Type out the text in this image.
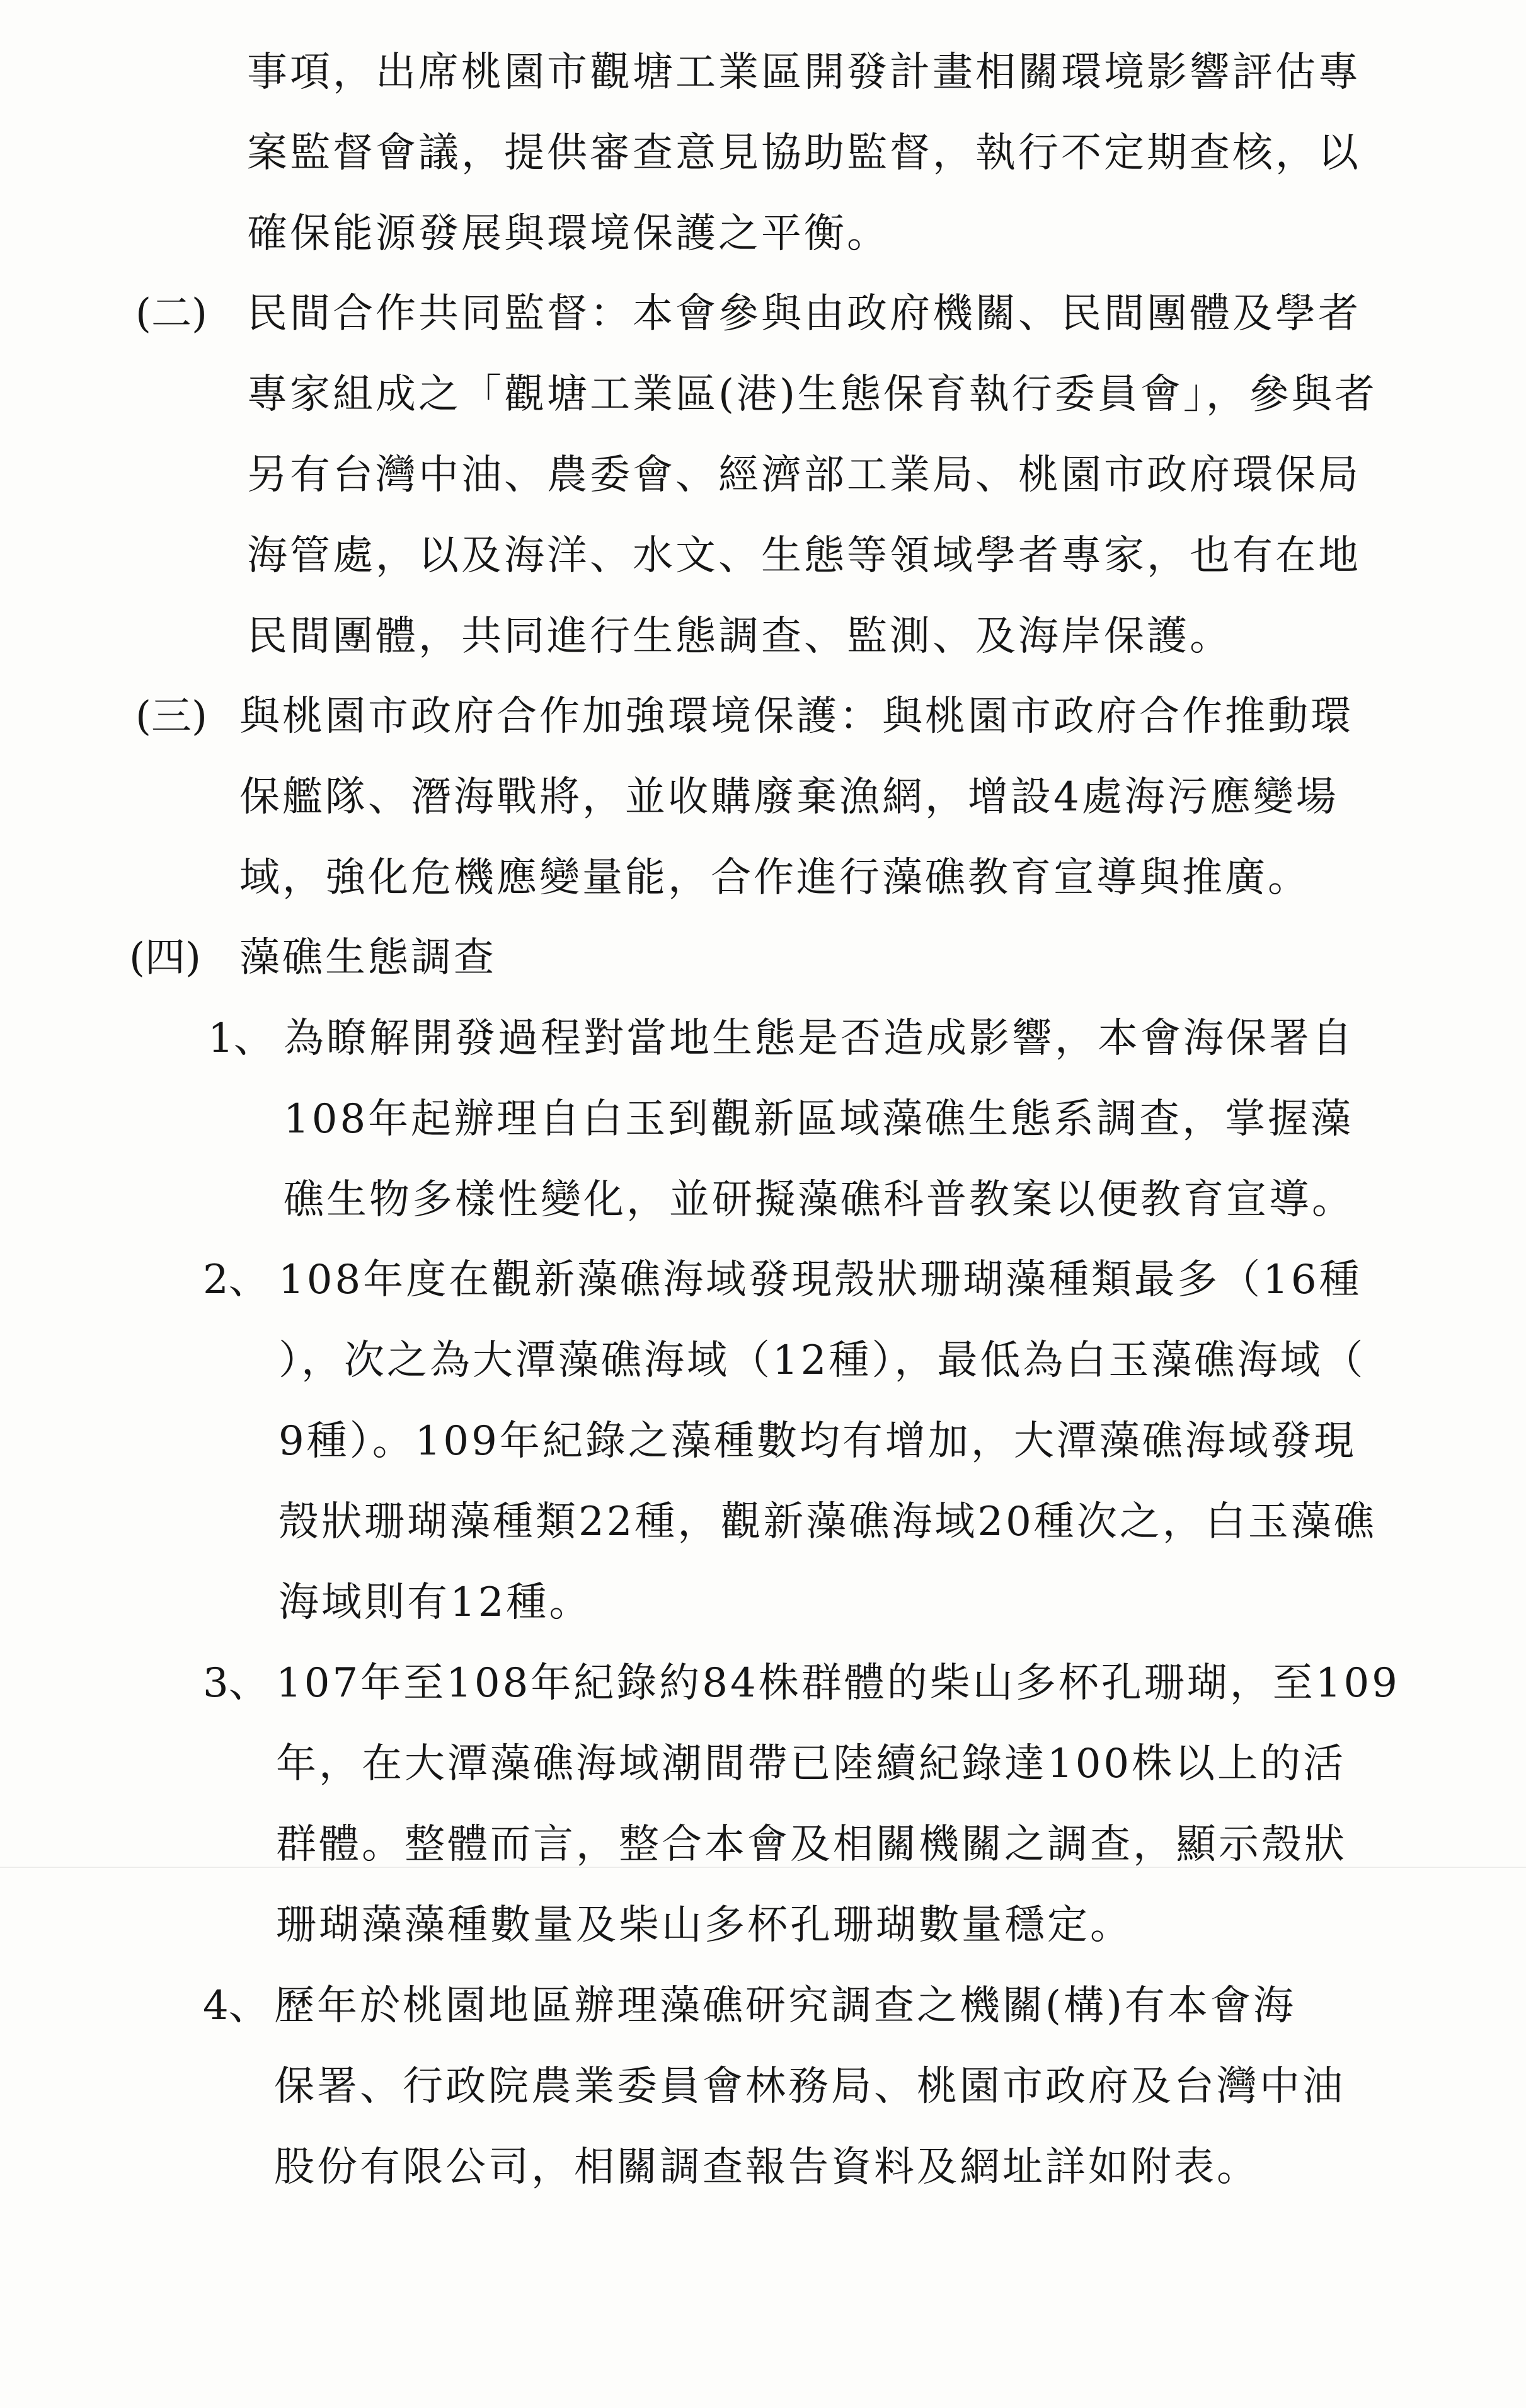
事項，出席桃園市觀塘工業區開發計畫相關環境影響評估專
案監督會議，提供審查意見協助監督，執行不定期查核，以
確保能源發展與環境保護之平衡。
(二) 民間合作共同監督：本會參與由政府機關、民間團體及學者
專家組成之「觀塘工業區(港)生態保育執行委員會」，參與者
另有台灣中油、農委會、經濟部工業局、桃園市政府環保局
海管處，以及海洋、水文、生態等領域學者專家，也有在地
民間團體，共同進行生態調查、監測、及海岸保護。
(三) 與桃園市政府合作加強環境保護：與桃園市政府合作推動環
保艦隊、潛海戰將，並收購廢棄漁網，增設4處海污應變場
域，強化危機應變量能，合作進行藻礁教育宣導與推廣。
(四) 藻礁生態調查
1、 為瞭解開發過程對當地生態是否造成影響，本會海保署自
108年起辦理自白玉到觀新區域藻礁生態系調查，掌握藻
礁生物多樣性變化，並研擬藻礁科普教案以便教育宣導。
2、 108年度在觀新藻礁海域發現殼狀珊瑚藻種類最多（16種
），次之為大潭藻礁海域（12種），最低為白玉藻礁海域（
9種）。109年紀錄之藻種數均有增加，大潭藻礁海域發現
殼狀珊瑚藻種類22種，觀新藻礁海域20種次之，白玉藻礁
海域則有12種。
3、 107年至108年紀錄約84株群體的柴山多杯孔珊瑚，至109
年，在大潭藻礁海域潮間帶已陸續紀錄達100株以上的活
群體。整體而言，整合本會及相關機關之調查，顯示殼狀
珊瑚藻藻種數量及柴山多杯孔珊瑚數量穩定。
4、 歷年於桃園地區辦理藻礁研究調查之機關(構)有本會海
保署、行政院農業委員會林務局、桃園市政府及台灣中油
股份有限公司，相關調查報告資料及網址詳如附表。
